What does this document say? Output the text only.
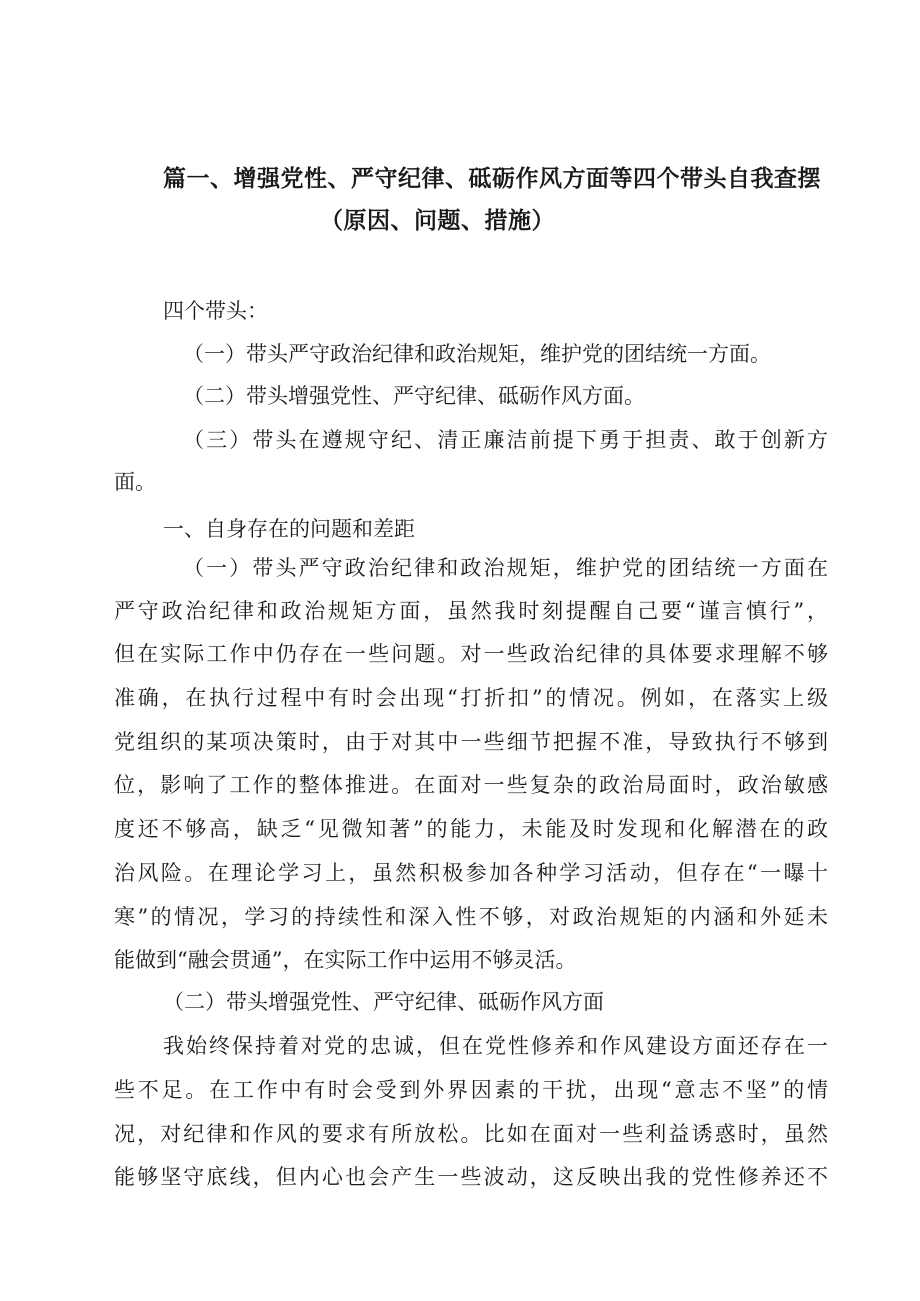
篇一、增强党性、严守纪律、砥砺作风方面等四个带头自我查摆
（原因、问题、措施）
四个带头：
（一）带头严守政治纪律和政治规矩，维护党的团结统一方面。
（二）带头增强党性、严守纪律、砥砺作风方面。
（三）带头在遵规守纪、清正廉洁前提下勇于担责、敢于创新方
面。
一、自身存在的问题和差距
（一）带头严守政治纪律和政治规矩，维护党的团结统一方面在
严守政治纪律和政治规矩方面，虽然我时刻提醒自己要“谨言慎行”，
但在实际工作中仍存在一些问题。对一些政治纪律的具体要求理解不够
准确，在执行过程中有时会出现“打折扣”的情况。例如，在落实上级
党组织的某项决策时，由于对其中一些细节把握不准，导致执行不够到
位，影响了工作的整体推进。在面对一些复杂的政治局面时，政治敏感
度还不够高，缺乏“见微知著”的能力，未能及时发现和化解潜在的政
治风险。在理论学习上，虽然积极参加各种学习活动，但存在“一曝十
寒”的情况，学习的持续性和深入性不够，对政治规矩的内涵和外延未
能做到“融会贯通”，在实际工作中运用不够灵活。
（二）带头增强党性、严守纪律、砥砺作风方面
我始终保持着对党的忠诚，但在党性修养和作风建设方面还存在一
些不足。在工作中有时会受到外界因素的干扰，出现“意志不坚”的情
况，对纪律和作风的要求有所放松。比如在面对一些利益诱惑时，虽然
能够坚守底线，但内心也会产生一些波动，这反映出我的党性修养还不
